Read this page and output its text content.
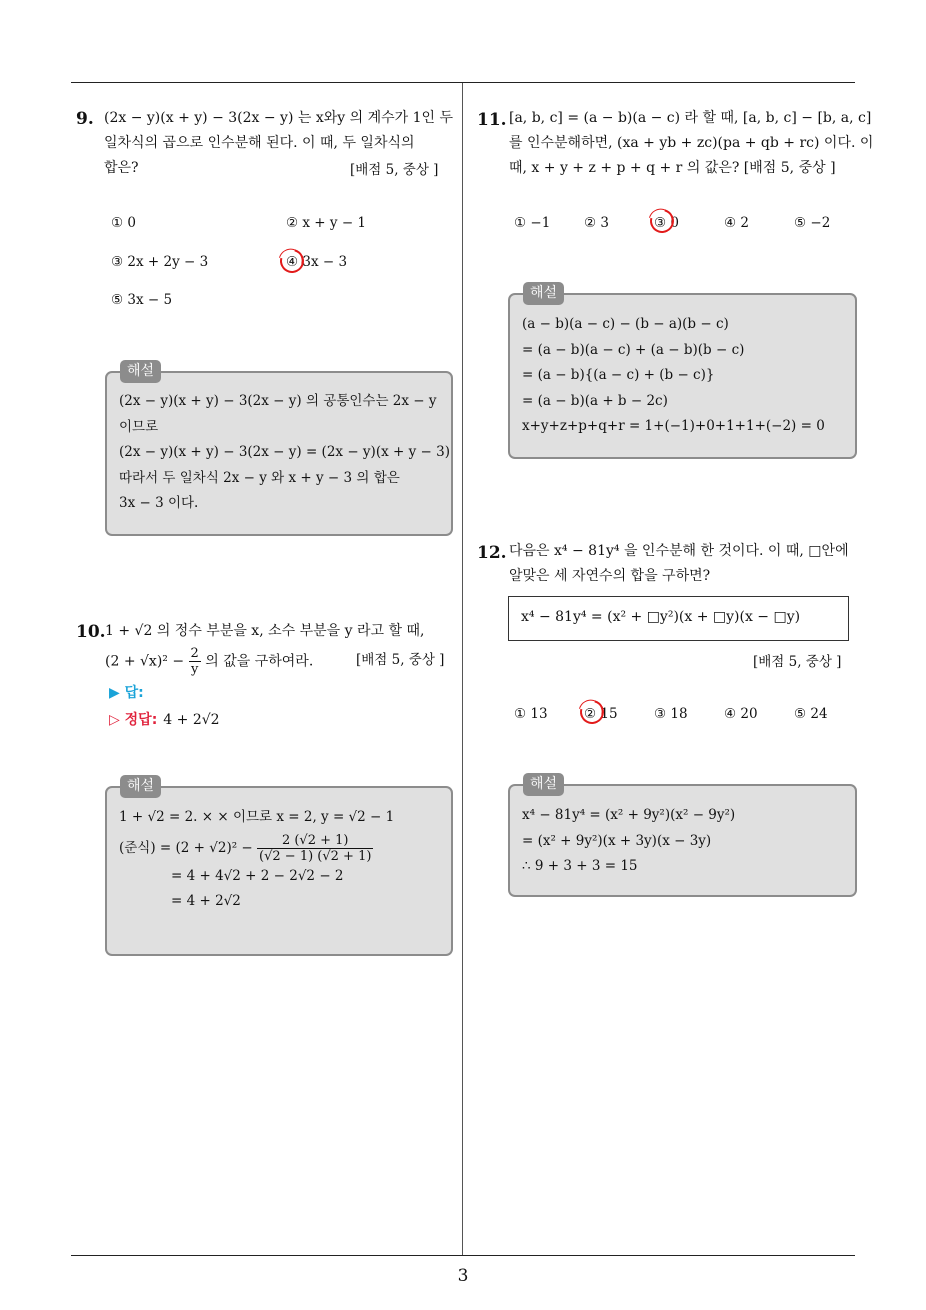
9. (2x − y)(x + y) − 3(2x − y) 는 x와y 의 계수가 1인 두
일차식의 곱으로 인수분해 된다. 이 때, 두 일차식의
합은?	[배점 5, 중상 ]
① 0	② x + y − 1
③ 2x + 2y − 3	④ 3x − 3
⑤ 3x − 5
(2x − y)(x + y) − 3(2x − y) 의 공통인수는 2x − y
이므로
(2x − y)(x + y) − 3(2x − y) = (2x − y)(x + y − 3)
따라서 두 일차식 2x − y 와 x + y − 3 의 합은
3x − 3 이다.
해설
10. 1 + √2 의 정수 부분을 x, 소수 부분을 y 라고 할 때,
$(2 + √x)^2 - \frac{2}{y}$ 의 값을 구하여라.	[배점 5, 중상 ]
▶ 답:
▷ 정답: 4 + 2√2
1 + √2 = 2. × × 이므로 x = 2, y = √2 − 1
(준식) = $(2 + √2)^2 - \frac{2 (√2 + 1)}{(√2 - 1) (√2 + 1)}$
= 4 + 4√2 + 2 − 2√2 − 2
= 4 + 2√2
해설
11. [a, b, c] = (a − b)(a − c) 라 할 때, [a, b, c] − [b, a, c]
를 인수분해하면, (xa + yb + zc)(pa + qb + rc) 이다. 이
때, x + y + z + p + q + r 의 값은? [배점 5, 중상 ]
① −1 ② 3	③ 0	④ 2	⑤ −2
(a − b)(a − c) − (b − a)(b − c)
= (a − b)(a − c) + (a − b)(b − c)
= (a − b){(a − c) + (b − c)}
= (a − b)(a + b − 2c)
x+y+z+p+q+r = 1+(−1)+0+1+1+(−2) = 0
해설
12. 다음은 x⁴ − 81y⁴ 을 인수분해 한 것이다. 이 때, □안에
알맞은 세 자연수의 합을 구하면?
x⁴ − 81y⁴ = (x² + □y²)(x + □y)(x − □y)
[배점 5, 중상 ]
① 13	② 15	③ 18	④ 20	⑤ 24
x⁴ − 81y⁴ = (x² + 9y²)(x² − 9y²)
= (x² + 9y²)(x + 3y)(x − 3y)
∴ 9 + 3 + 3 = 15
해설
3
